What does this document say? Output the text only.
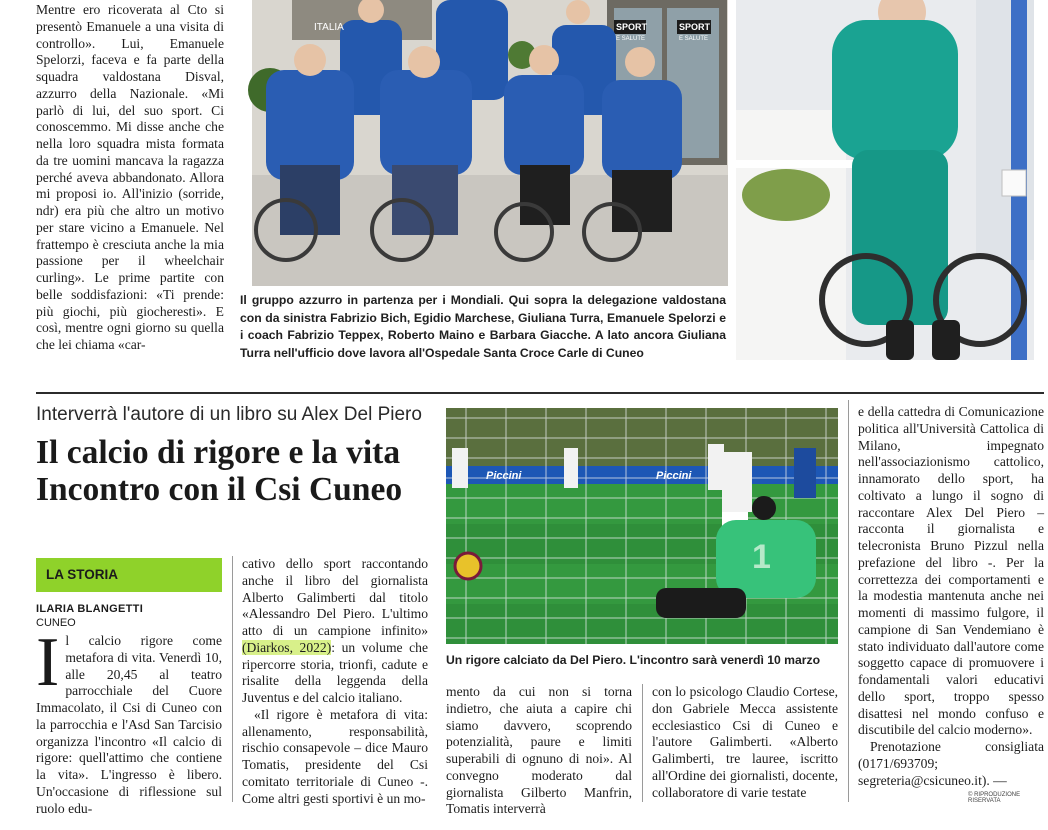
Mentre ero ricoverata al Cto si presentò Emanuele a una visita di controllo». Lui, Emanuele Spelorzi, faceva e fa parte della squadra valdostana Disval, azzurro della Nazionale. «Mi parlò di lui, del suo sport. Ci conoscemmo. Mi disse anche che nella loro squadra mista formata da tre uomini mancava la ragazza perché aveva abbandonato. Allora mi proposi io. All'inizio (sorride, ndr) era più che altro un motivo per stare vicino a Emanuele. Nel frattempo è cresciuta anche la mia passione per il wheelchair curling». Le prime partite con belle soddisfazioni: «Ti prende: più giochi, più giocheresti». E così, mentre ogni giorno su quella che lei chiama «car-

ITALIA	SPORT
E SALUTE
SPORT
E SALUTE
Il gruppo azzurro in partenza per i Mondiali. Qui sopra la delegazione valdostana con da sinistra Fabrizio Bich, Egidio Marchese, Giuliana Turra, Emanuele Spelorzi e i coach Fabrizio Teppex, Roberto Maino e Barbara Giacche. A lato ancora Giuliana Turra nell'ufficio dove lavora all'Ospedale Santa Croce Carle di Cuneo
Interverrà l'autore di un libro su Alex Del Piero
Il calcio di rigore e la vita
Incontro con il Csi Cuneo
LA STORIA
ILARIA BLANGETTI
CUNEO
I l calcio rigore come metafora di vita. Venerdì 10, alle 20,45 al teatro parrocchiale del Cuore Immacolato, il Csi di Cuneo con la parrocchia e l'Asd San Tarcisio organizza l'incontro «Il calcio di rigore: quell'attimo che contiene la vita». L'ingresso è libero. Un'occasione di riflessione sul ruolo edu-

cativo dello sport raccontando anche il libro del giornalista Alberto Galimberti dal titolo «Alessandro Del Piero. L'ultimo atto di un campione infinito» (Diarkos, 2022): un volume che ripercorre storia, trionfi, cadute e risalite della leggenda della Juventus e del calcio italiano.

«Il rigore è metafora di vita: allenamento, responsabilità, rischio consapevole – dice Mauro Tomatis, presidente del Csi comitato territoriale di Cuneo -. Come altri gesti sportivi è un mo-

Piccini	Piccini
1
Un rigore calciato da Del Piero. L'incontro sarà venerdì 10 marzo

mento da cui non si torna indietro, che aiuta a capire chi siamo davvero, scoprendo potenzialità, paure e limiti superabili di ognuno di noi». Al convegno moderato dal giornalista Gilberto Manfrin, Tomatis interverrà

con lo psicologo Claudio Cortese, don Gabriele Mecca assistente ecclesiastico Csi di Cuneo e l'autore Galimberti. «Alberto Galimberti, tre lauree, iscritto all'Ordine dei giornalisti, docente, collaboratore di varie testate

e della cattedra di Comunicazione politica all'Università Cattolica di Milano, impegnato nell'associazionismo cattolico, innamorato dello sport, ha coltivato a lungo il sogno di raccontare Alex Del Piero – racconta il giornalista e telecronista Bruno Pizzul nella prefazione del libro -. Per la correttezza dei comportamenti e la modestia mantenuta anche nei momenti di massimo fulgore, il campione di San Vendemiano è stato individuato dall'autore come soggetto capace di promuovere i fondamentali valori educativi dello sport, troppo spesso disattesi nel mondo confuso e discutibile del calcio moderno».

Prenotazione consigliata (0171/693709; segreteria@csicuneo.it). —

© RIPRODUZIONE RISERVATA
